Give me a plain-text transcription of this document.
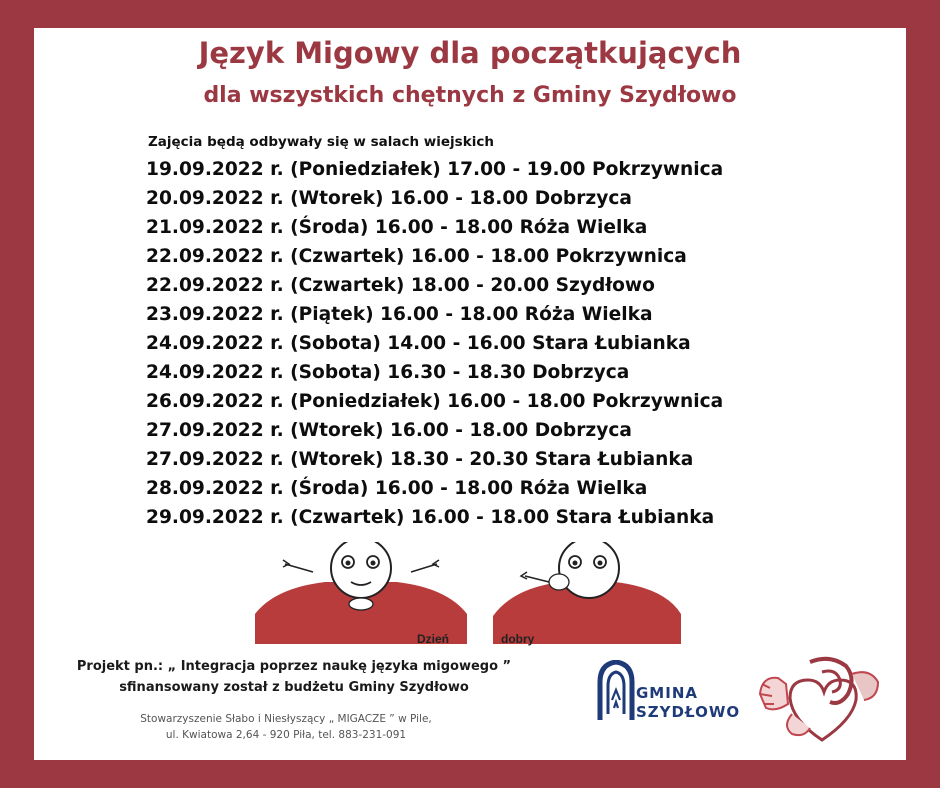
Język Migowy dla początkujących
dla wszystkich chętnych z Gminy Szydłowo
Zajęcia będą odbywały się w salach wiejskich
19.09.2022 r. (Poniedziałek) 17.00 - 19.00 Pokrzywnica
20.09.2022 r. (Wtorek) 16.00 - 18.00 Dobrzyca
21.09.2022 r. (Środa) 16.00 - 18.00 Róża Wielka
22.09.2022 r. (Czwartek) 16.00 - 18.00 Pokrzywnica
22.09.2022 r. (Czwartek) 18.00 - 20.00 Szydłowo
23.09.2022 r. (Piątek) 16.00 - 18.00 Róża Wielka
24.09.2022 r. (Sobota) 14.00 - 16.00 Stara Łubianka
24.09.2022 r. (Sobota) 16.30 - 18.30 Dobrzyca
26.09.2022 r. (Poniedziałek) 16.00 - 18.00 Pokrzywnica
27.09.2022 r. (Wtorek) 16.00 - 18.00 Dobrzyca
27.09.2022 r. (Wtorek) 18.30 - 20.30 Stara Łubianka
28.09.2022 r. (Środa) 16.00 - 18.00 Róża Wielka
29.09.2022 r. (Czwartek) 16.00 - 18.00 Stara Łubianka
Dzień	dobry
Projekt pn.: „ Integracja poprzez naukę języka migowego ”
sfinansowany został z budżetu Gminy Szydłowo
Stowarzyszenie Słabo i Niesłyszący „ MIGACZE ” w Pile,
ul. Kwiatowa 2,64 - 920 Piła, tel. 883-231-091
GMINA
SZYDŁOWO
